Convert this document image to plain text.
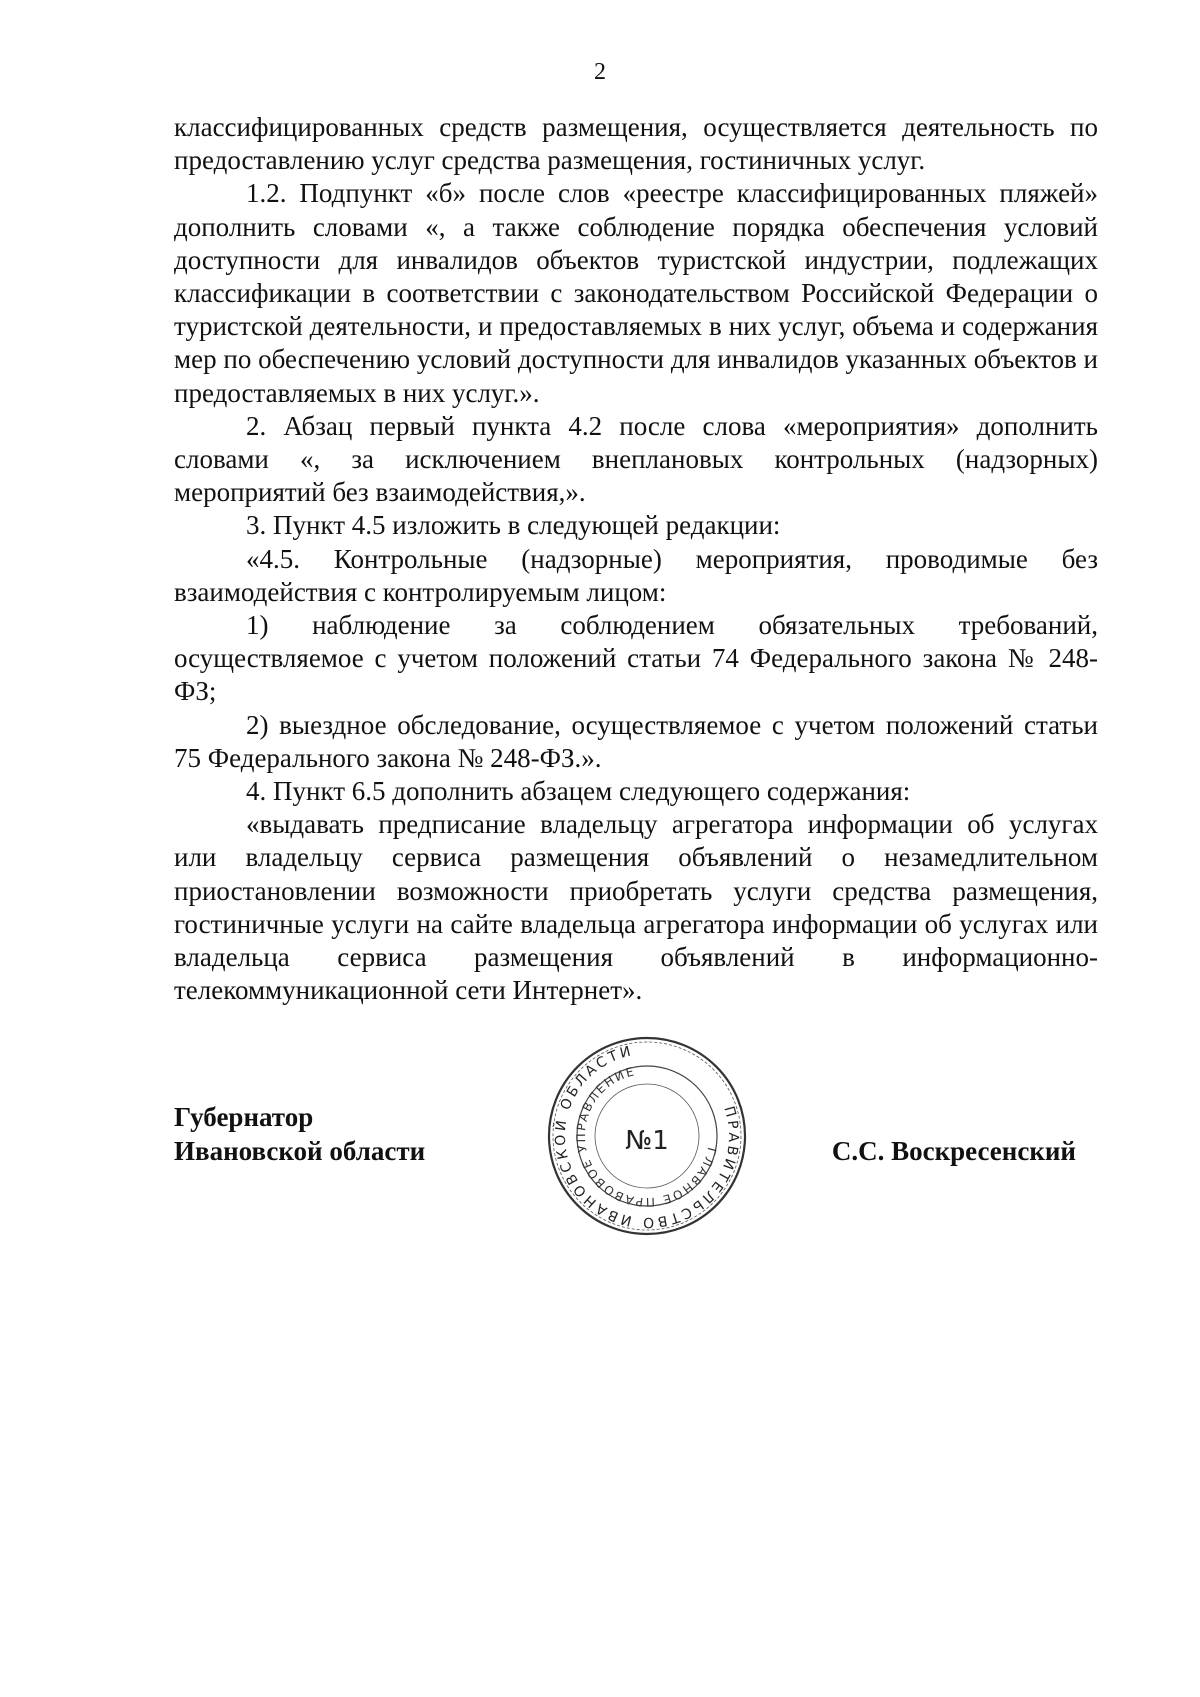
2

классифицированных средств размещения, осуществляется деятельность по предоставлению услуг средства размещения, гостиничных услуг.

1.2. Подпункт «б» после слов «реестре классифицированных пляжей» дополнить словами «, а также соблюдение порядка обеспечения условий доступности для инвалидов объектов туристской индустрии, подлежащих классификации в соответствии с законодательством Российской Федерации о туристской деятельности, и предоставляемых в них услуг, объема и содержания мер по обеспечению условий доступности для инвалидов указанных объектов и предоставляемых в них услуг.».

2. Абзац первый пункта 4.2 после слова «мероприятия» дополнить словами «, за исключением внеплановых контрольных (надзорных) мероприятий без взаимодействия,».

3. Пункт 4.5 изложить в следующей редакции:

«4.5. Контрольные (надзорные) мероприятия, проводимые без взаимодействия с контролируемым лицом:

1) наблюдение за соблюдением обязательных требований, осуществляемое с учетом положений статьи 74 Федерального закона № 248-ФЗ;

2) выездное обследование, осуществляемое с учетом положений статьи 75 Федерального закона № 248-ФЗ.».

4. Пункт 6.5 дополнить абзацем следующего содержания:

«выдавать предписание владельцу агрегатора информации об услугах или владельцу сервиса размещения объявлений о незамедлительном приостановлении возможности приобретать услуги средства размещения, гостиничные услуги на сайте владельца агрегатора информации об услугах или владельца сервиса размещения объявлений в информационно-телекоммуникационной сети Интернет».

Губернатор
Ивановской области	С.С. Воскресенский
ПРАВИТЕЛЬСТВО ИВАНОВСКОЙ ОБЛАСТИ
ГЛАВНОЕ ПРАВОВОЕ УПРАВЛЕНИЕ
№1
